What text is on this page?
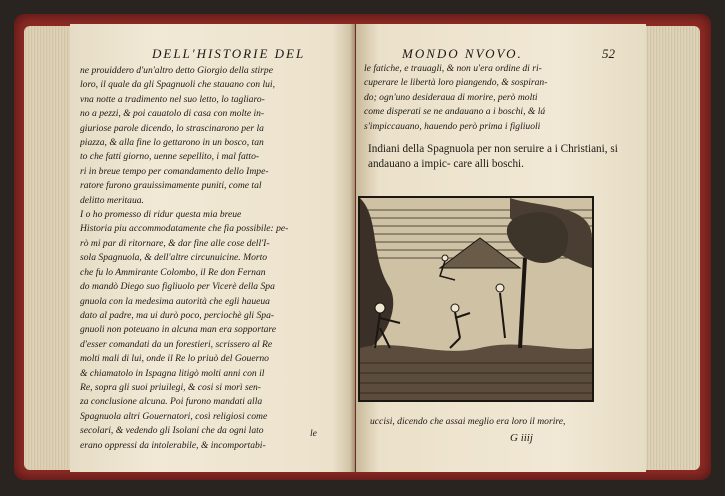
DELL'HISTORIE DEL
ne prouiddero d'un'altro detto Giorgio della stirpe
loro, il quale da gli Spagnuoli che stauano con lui,
vna notte a tradimento nel suo letto, lo tagliaro-
no a pezzi, & poi cauatolo di casa con molte in-
giuriose parole dicendo, lo strascinarono per la
piazza, & alla fine lo gettarono in un bosco, tan
to che fatti giorno, uenne sepellito, i mal fatto-
ri in breue tempo per comandamento dello Impe-
ratore furono grauissimamente puniti, come tal
delitto meritaua.
I o ho promesso di ridur questa mia breue
Historia piu accommodatamente che fia possibile: pe-
rò mi par di ritornare, & dar fine alle cose dell'I-
sola Spagnuola, & dell'altre circunuicine. Morto
che fu lo Ammirante Colombo, il Re don Fernan
do mandò Diego suo figliuolo per Vicerè della Spa
gnuola con la medesima autorità che egli haueua
dato al padre, ma ui durò poco, perciochè gli Spa-
gnuoli non poteuano in alcuna man era sopportare
d'esser comandati da un forestieri, scrissero al Re
molti mali di lui, onde il Re lo priuò del Gouerno
& chiamatolo in Ispagna litigò molti anni con il
Re, sopra gli suoi priuilegi, & cosi si morì sen-
za conclusione alcuna. Poi furono mandati alla
Spagnuola altri Gouernatori, così religiosi come
secolari, & vedendo gli Isolani che da ogni lato
erano oppressi da intolerabile, & incomportabi-
le
MONDO NVOVO.	52
le fatiche, e trauagli, & non u'era ordine di ri-
cuperare le libertà loro piangendo, & sospiran-
do; ogn'uno desideraua di morire, però molti
come disperati se ne andauano a i boschi, & lá
s'impiccauano, hauendo però prima i figliuoli
Indiani della Spagnuola per non seruire a i Christiani, si andauano a impic- care alli boschi.
uccisi, dicendo che assai meglio era loro il morire,
G iiij
